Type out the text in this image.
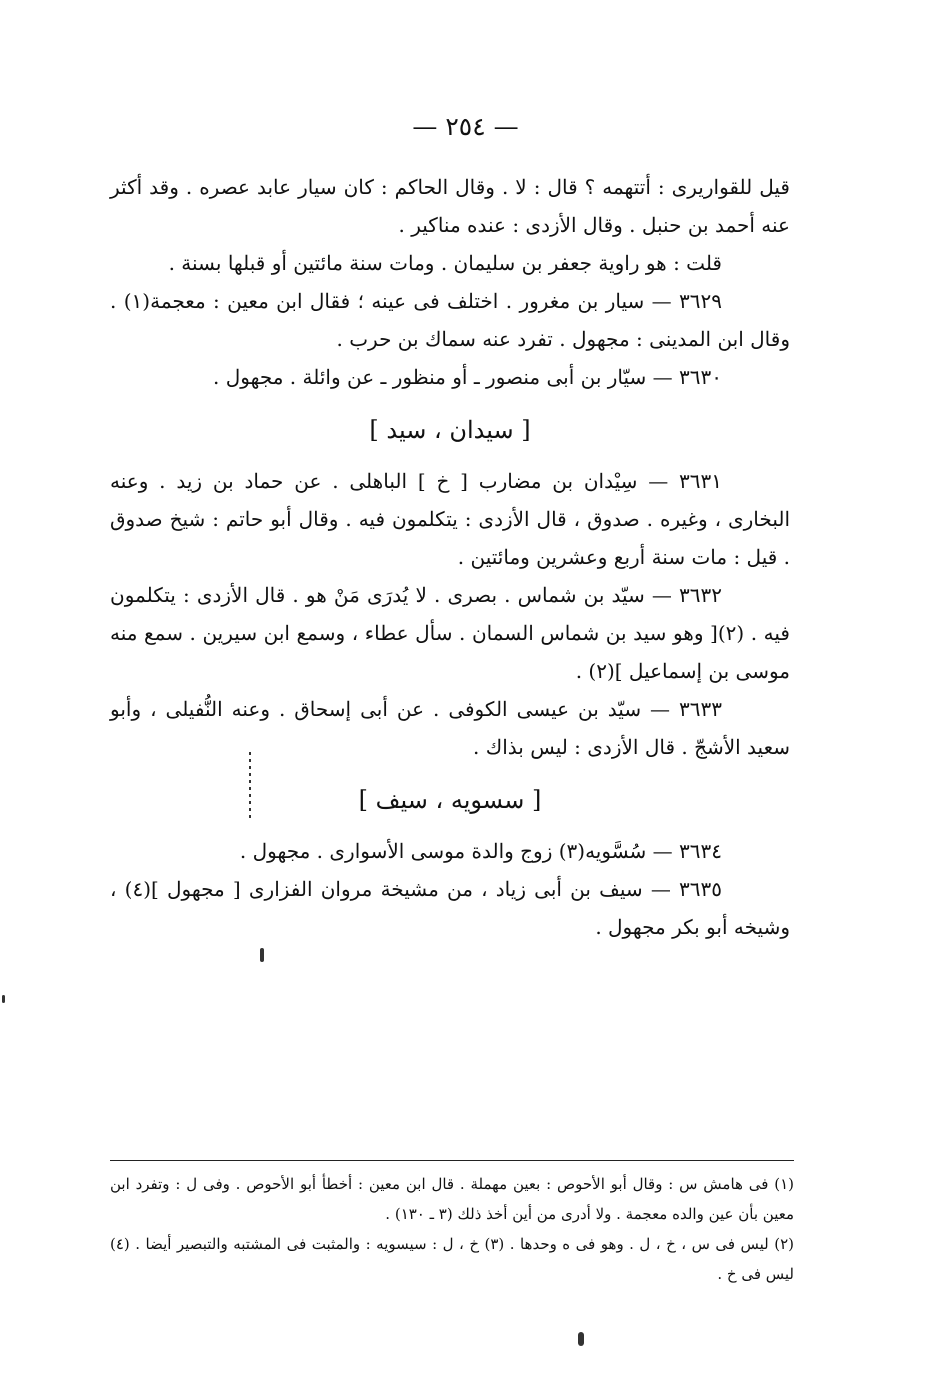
— ٢٥٤ —

قيل للقواريرى : أتتهمه ؟ قال : لا . وقال الحاكم : كان سيار عابد عصره . وقد أكثر عنه أحمد بن حنبل . وقال الأزدى : عنده مناكير .

قلت : هو راوية جعفر بن سليمان . ومات سنة مائتين أو قبلها بسنة .

٣٦٢٩ — سيار بن مغرور . اختلف فى عينه ؛ فقال ابن معين : معجمة(١) . وقال ابن المدينى : مجهول . تفرد عنه سماك بن حرب .

٣٦٣٠ — سيّار بن أبى منصور ـ أو منظور ـ عن وائلة . مجهول .

[ سيدان ، سيد ]

٣٦٣١ — سِيْدان بن مضارب [ خ ] الباهلى . عن حماد بن زيد . وعنه البخارى ، وغيره . صدوق ، قال الأزدى : يتكلمون فيه . وقال أبو حاتم : شيخ صدوق . قيل : مات سنة أربع وعشرين ومائتين .

٣٦٣٢ — سيّد بن شماس . بصرى . لا يُدرَى مَنْ هو . قال الأزدى : يتكلمون فيه . (٢)[ وهو سيد بن شماس السمان . سأل عطاء ، وسمع ابن سيرين . سمع منه موسى بن إسماعيل ](٢) .

٣٦٣٣ — سيّد بن عيسى الكوفى . عن أبى إسحاق . وعنه النُّفيلى ، وأبو سعيد الأشجّ . قال الأزدى : ليس بذاك .

[ سسويه ، سيف ]

٣٦٣٤ — سُسَّويه(٣) زوج والدة موسى الأسوارى . مجهول .

٣٦٣٥ — سيف بن أبى زياد ، من مشيخة مروان الفزارى [ مجهول ](٤) ، وشيخه أبو بكر مجهول .

(١) فى هامش س : وقال أبو الأحوص : بعين مهملة . قال ابن معين : أخطأ أبو الأحوص . وفى ل : وتفرد ابن معين بأن عين والده معجمة . ولا أدرى من أين أخذ ذلك (٣ ـ ١٣٠) .

(٢) ليس فى س ، خ ، ل . وهو فى ه وحدها . (٣) خ ، ل : سيسويه : والمثبت فى المشتبه والتبصير أيضا . (٤) ليس فى خ .
